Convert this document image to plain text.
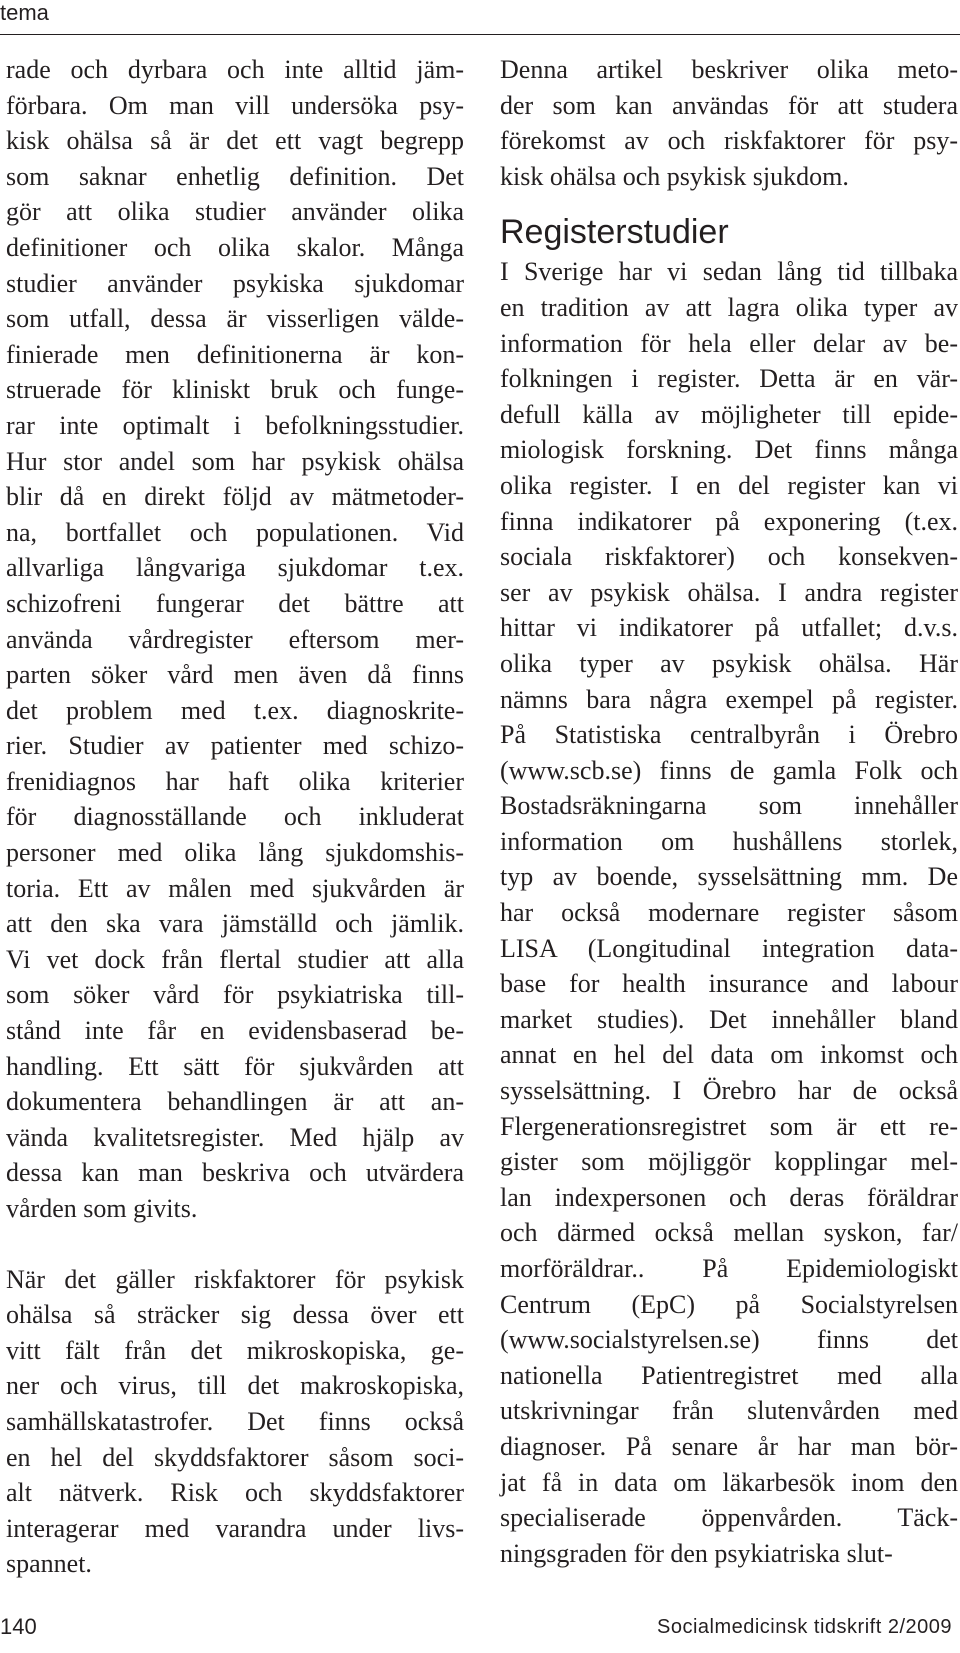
tema
rade och dyrbara och inte alltid jäm-
förbara. Om man vill undersöka psy-
kisk ohälsa så är det ett vagt begrepp
som saknar enhetlig definition. Det
gör att olika studier använder olika
definitioner och olika skalor. Många
studier använder psykiska sjukdomar
som utfall, dessa är visserligen välde-
finierade men definitionerna är kon-
struerade för kliniskt bruk och funge-
rar inte optimalt i befolkningsstudier.
Hur stor andel som har psykisk ohälsa
blir då en direkt följd av mätmetoder-
na, bortfallet och populationen. Vid
allvarliga långvariga sjukdomar t.ex.
schizofreni fungerar det bättre att
använda vårdregister eftersom mer-
parten söker vård men även då finns
det problem med t.ex. diagnoskrite-
rier. Studier av patienter med schizo-
frenidiagnos har haft olika kriterier
för diagnosställande och inkluderat
personer med olika lång sjukdomshis-
toria. Ett av målen med sjukvården är
att den ska vara jämställd och jämlik.
Vi vet dock från flertal studier att alla
som söker vård för psykiatriska till-
stånd inte får en evidensbaserad be-
handling. Ett sätt för sjukvården att
dokumentera behandlingen är att an-
vända kvalitetsregister. Med hjälp av
dessa kan man beskriva och utvärdera
vården som givits.
När det gäller riskfaktorer för psykisk
ohälsa så sträcker sig dessa över ett
vitt fält från det mikroskopiska, ge-
ner och virus, till det makroskopiska,
samhällskatastrofer. Det finns också
en hel del skyddsfaktorer såsom soci-
alt nätverk. Risk och skyddsfaktorer
interagerar med varandra under livs-
spannet.
Denna artikel beskriver olika meto-
der som kan användas för att studera
förekomst av och riskfaktorer för psy-
kisk ohälsa och psykisk sjukdom.
Registerstudier
I Sverige har vi sedan lång tid tillbaka
en tradition av att lagra olika typer av
information för hela eller delar av be-
folkningen i register. Detta är en vär-
defull källa av möjligheter till epide-
miologisk forskning. Det finns många
olika register. I en del register kan vi
finna indikatorer på exponering (t.ex.
sociala riskfaktorer) och konsekven-
ser av psykisk ohälsa. I andra register
hittar vi indikatorer på utfallet; d.v.s.
olika typer av psykisk ohälsa. Här
nämns bara några exempel på register.
På Statistiska centralbyrån i Örebro
(www.scb.se) finns de gamla Folk och
Bostadsräkningarna som innehåller
information om hushållens storlek,
typ av boende, sysselsättning mm. De
har också modernare register såsom
LISA (Longitudinal integration data-
base for health insurance and labour
market studies). Det innehåller bland
annat en hel del data om inkomst och
sysselsättning. I Örebro har de också
Flergenerationsregistret som är ett re-
gister som möjliggör kopplingar mel-
lan indexpersonen och deras föräldrar
och därmed också mellan syskon, far/
morföräldrar.. På Epidemiologiskt
Centrum (EpC) på Socialstyrelsen
(www.socialstyrelsen.se) finns det
nationella Patientregistret med alla
utskrivningar från slutenvården med
diagnoser. På senare år har man bör-
jat få in data om läkarbesök inom den
specialiserade öppenvården. Täck-
ningsgraden för den psykiatriska slut-
140	Socialmedicinsk tidskrift 2/2009
